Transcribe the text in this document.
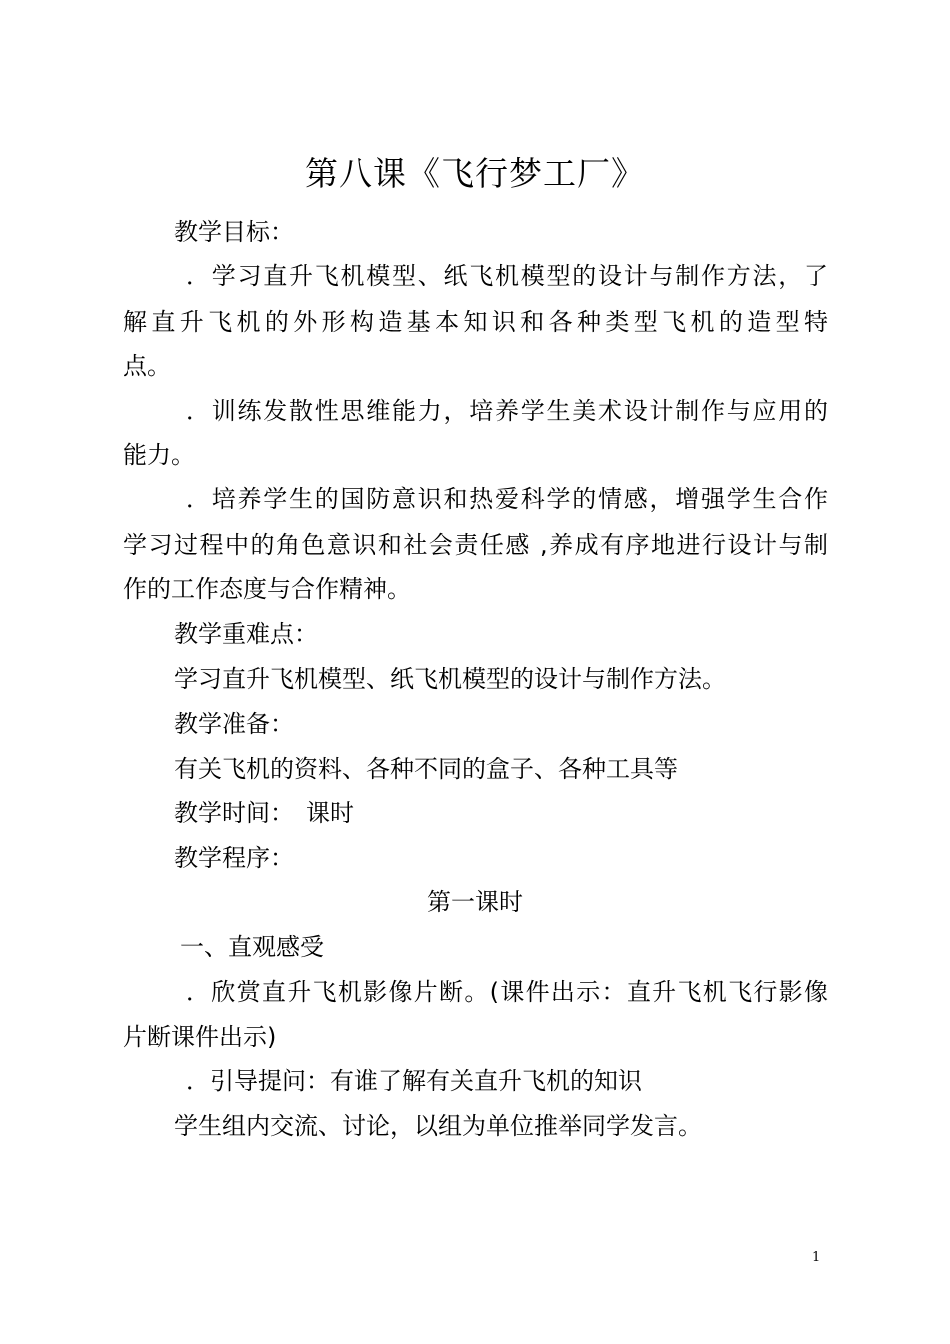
第八课《飞行梦工厂》
教学目标：
．学习直升飞机模型、纸飞机模型的设计与制作方法，了
解直升飞机的外形构造基本知识和各种类型飞机的造型特
点。
．训练发散性思维能力，培养学生美术设计制作与应用的
能力。
．培养学生的国防意识和热爱科学的情感，增强学生合作
学习过程中的角色意识和社会责任感 ,养成有序地进行设计与制
作的工作态度与合作精神。
教学重难点：
学习直升飞机模型、纸飞机模型的设计与制作方法。
教学准备：
有关飞机的资料、各种不同的盒子、各种工具等
教学时间：　课时
教学程序：
第一课时
一、直观感受
．欣赏直升飞机影像片断。(课件出示：直升飞机飞行影像
片断课件出示)
．引导提问：有谁了解有关直升飞机的知识
学生组内交流、讨论，以组为单位推举同学发言。
1
